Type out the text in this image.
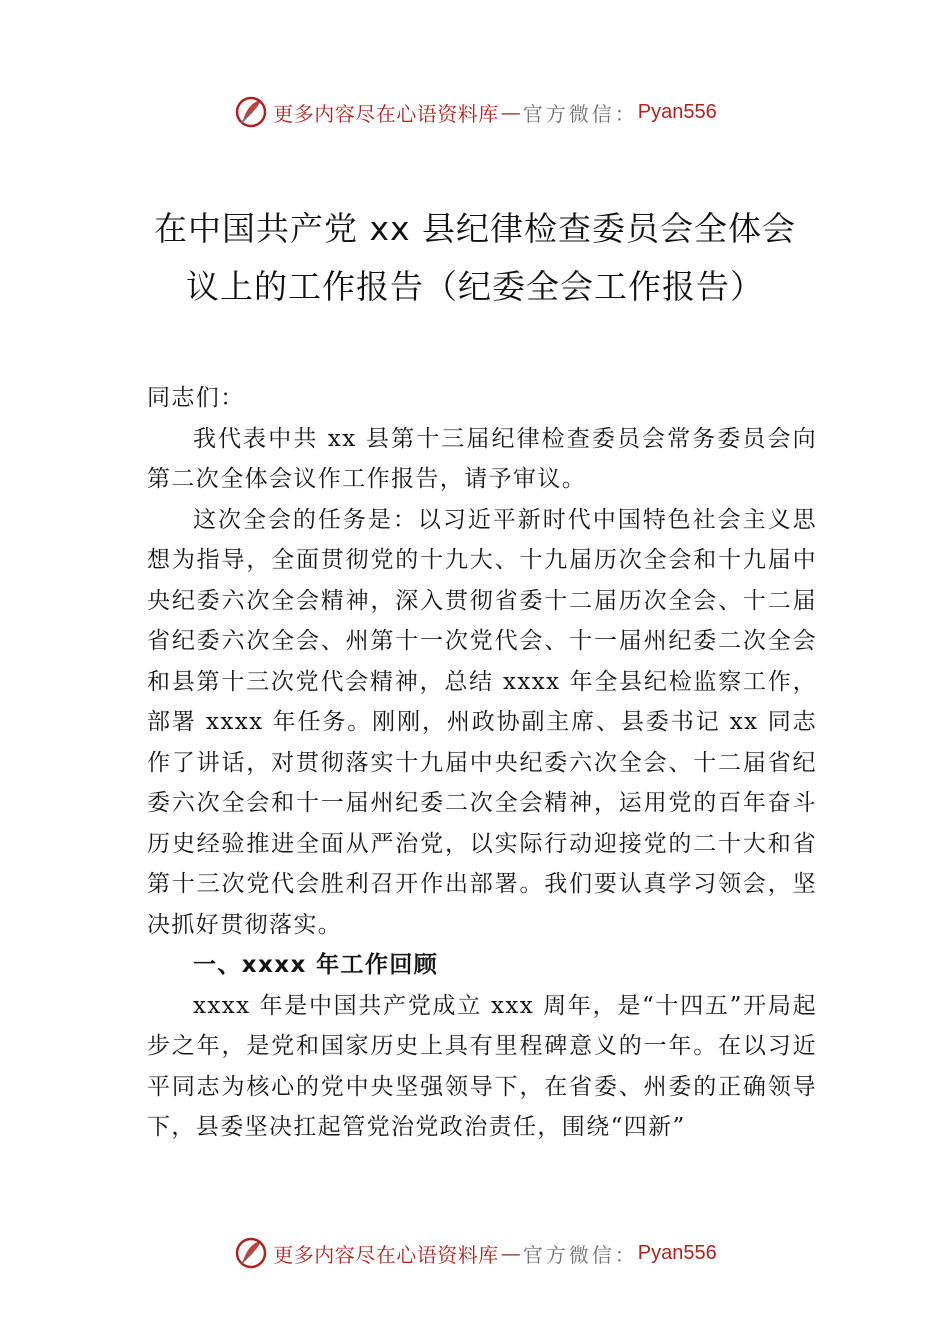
更多内容尽在心语资料库 — 官方微信： Pyan556
在中国共产党 xx 县纪律检查委员会全体会
议上的工作报告（纪委全会工作报告）

同志们：

我代表中共 xx 县第十三届纪律检查委员会常务委员会向第二次全体会议作工作报告，请予审议。

这次全会的任务是：以习近平新时代中国特色社会主义思想为指导，全面贯彻党的十九大、十九届历次全会和十九届中央纪委六次全会精神，深入贯彻省委十二届历次全会、十二届省纪委六次全会、州第十一次党代会、十一届州纪委二次全会和县第十三次党代会精神，总结 xxxx 年全县纪检监察工作，部署 xxxx 年任务。刚刚，州政协副主席、县委书记 xx 同志作了讲话，对贯彻落实十九届中央纪委六次全会、十二届省纪委六次全会和十一届州纪委二次全会精神，运用党的百年奋斗历史经验推进全面从严治党，以实际行动迎接党的二十大和省第十三次党代会胜利召开作出部署。我们要认真学习领会，坚决抓好贯彻落实。

一、xxxx 年工作回顾

xxxx 年是中国共产党成立 xxx 周年，是“十四五”开局起步之年，是党和国家历史上具有里程碑意义的一年。在以习近平同志为核心的党中央坚强领导下，在省委、州委的正确领导下，县委坚决扛起管党治党政治责任，围绕“四新”

更多内容尽在心语资料库 — 官方微信： Pyan556
